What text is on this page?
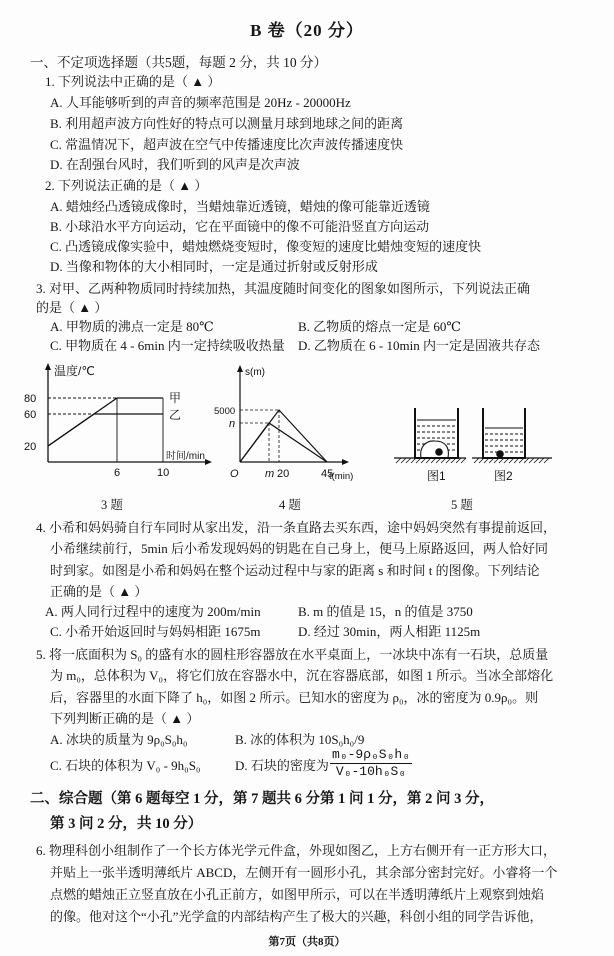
B 卷（20 分）
一、不定项选择题（共5题，每题 2 分，共 10 分）
1. 下列说法中正确的是（ ▲ ）
A. 人耳能够听到的声音的频率范围是 20Hz - 20000Hz
B. 利用超声波方向性好的特点可以测量月球到地球之间的距离
C. 常温情况下，超声波在空气中传播速度比次声波传播速度快
D. 在刮强台风时，我们听到的风声是次声波
2. 下列说法正确的是（ ▲ ）
A. 蜡烛经凸透镜成像时，当蜡烛靠近透镜，蜡烛的像可能靠近透镜
B. 小球沿水平方向运动，它在平面镜中的像不可能沿竖直方向运动
C. 凸透镜成像实验中，蜡烛燃烧变短时，像变短的速度比蜡烛变短的速度快
D. 当像和物体的大小相同时，一定是通过折射或反射形成
3. 对甲、乙两种物质同时持续加热，其温度随时间变化的图象如图所示，下列说法正确
的是（ ▲ ）
A. 甲物质的沸点一定是 80℃	B. 乙物质的熔点一定是 60℃
C. 甲物质在 4 - 6min 内一定持续吸收热量 D. 乙物质在 6 - 10min 内一定是固液共存态
温度/℃
80
60
20
6	10
时间/min
甲
乙
s(m)
5000
n
O m 20	45
t(min)	图1	图2
3 题	4 题	5 题
4. 小希和妈妈骑自行车同时从家出发，沿一条直路去买东西，途中妈妈突然有事提前返回，
小希继续前行，5min 后小希发现妈妈的钥匙在自己身上，便马上原路返回，两人恰好同
时到家。如图是小希和妈妈在整个运动过程中与家的距离 s 和时间 t 的图像。下列结论
正确的是（ ▲ ）
A. 两人同行过程中的速度为 200m/min	B. m 的值是 15，n 的值是 3750
C. 小希开始返回时与妈妈相距 1675m	D. 经过 30min，两人相距 1125m
5. 将一底面积为 S₀ 的盛有水的圆柱形容器放在水平桌面上，一冰块中冻有一石块，总质量
为 m₀，总体积为 V₀，将它们放在容器水中，沉在容器底部，如图 1 所示。当冰全部熔化
后，容器里的水面下降了 h₀，如图 2 所示。已知水的密度为 ρ₀，冰的密度为 0.9ρ₀。则
下列判断正确的是（ ▲ ）
A. 冰块的质量为 9ρ₀S₀h₀	B. 冰的体积为 10S₀h₀/9
C. 石块的体积为 V₀ - 9h₀S₀	D. 石块的密度为 $\frac{\text{m₀-9ρ₀S₀h₀}}{\text{V₀-10h₀S₀}}$
二、综合题（第 6 题每空 1 分，第 7 题共 6 分第 1 问 1 分，第 2 问 3 分，
第 3 问 2 分，共 10 分）
6. 物理科创小组制作了一个长方体光学元件盒，外现如图乙，上方右侧开有一正方形大口，
并贴上一张半透明薄纸片 ABCD，左侧开有一圆形小孔，其余部分密封完好。小睿将一个
点燃的蜡烛正立竖直放在小孔正前方，如图甲所示，可以在半透明薄纸片上观察到烛焰
的像。他对这个“小孔”光学盒的内部结构产生了极大的兴趣，科创小组的同学告诉他，
第7页（共8页）
